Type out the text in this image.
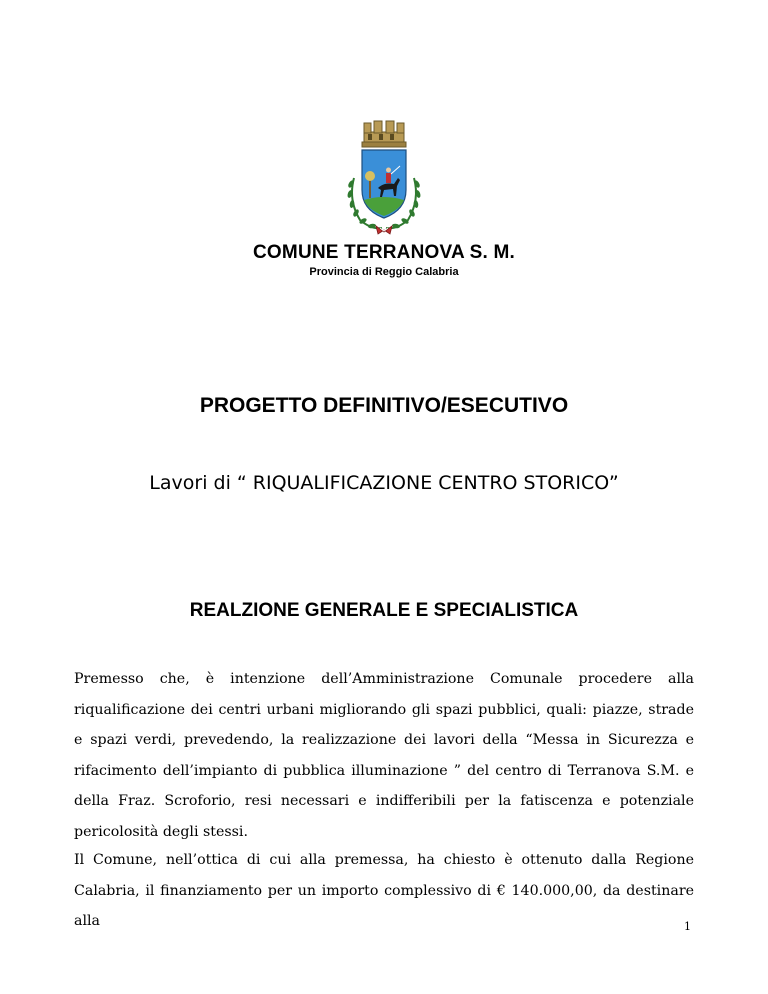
COMUNE TERRANOVA S. M.
Provincia di Reggio Calabria
PROGETTO DEFINITIVO/ESECUTIVO
Lavori di “ RIQUALIFICAZIONE CENTRO STORICO”
REALZIONE GENERALE E SPECIALISTICA

Premesso che, è intenzione dell’Amministrazione Comunale procedere alla riqualificazione dei centri urbani migliorando gli spazi pubblici, quali: piazze, strade e spazi verdi, prevedendo, la realizzazione dei lavori della “Messa in Sicurezza e rifacimento dell’impianto di pubblica illuminazione ” del centro di Terranova S.M. e della Fraz. Scroforio, resi necessari e indifferibili per la fatiscenza e potenziale pericolosità degli stessi.

Il Comune, nell’ottica di cui alla premessa, ha chiesto è ottenuto dalla Regione Calabria, il finanziamento per un importo complessivo di € 140.000,00, da destinare alla	1
